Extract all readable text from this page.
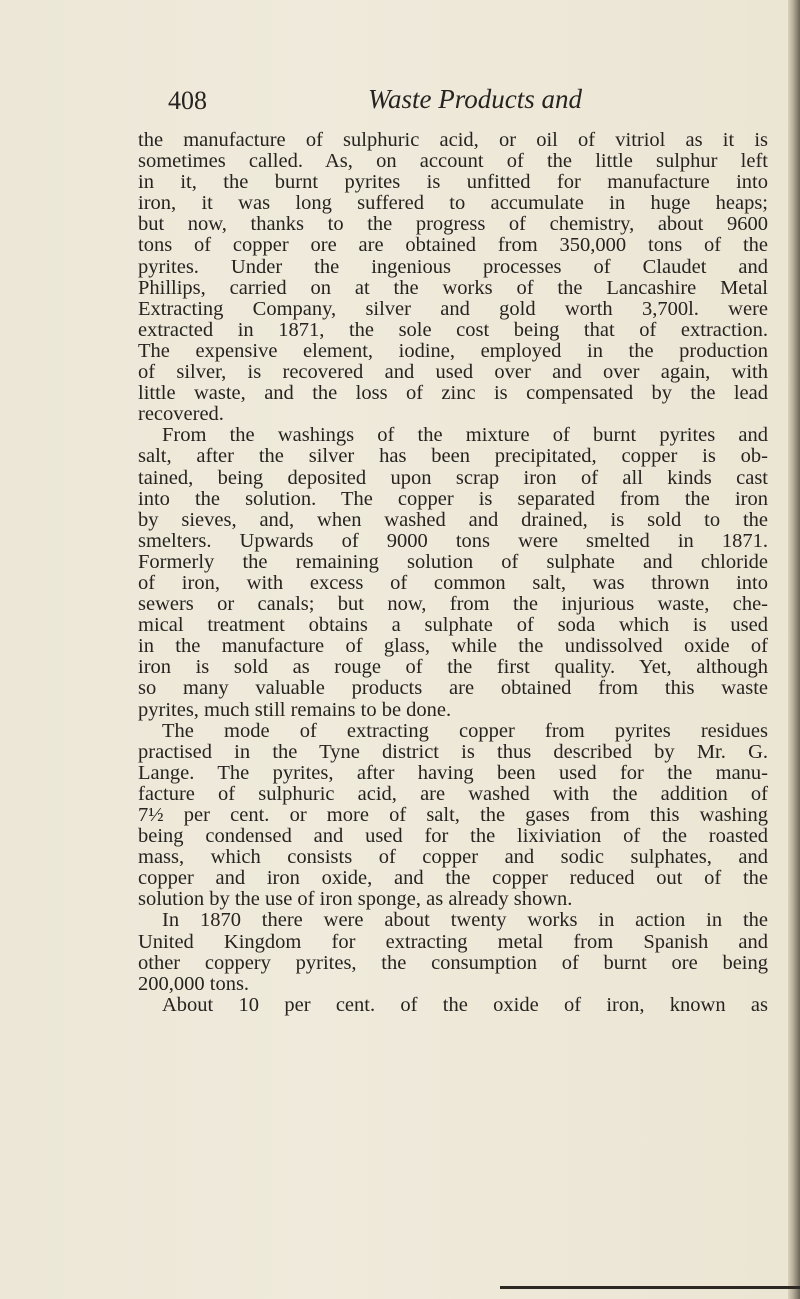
408	Waste Products and
the manufacture of sulphuric acid, or oil of vitriol as it is
sometimes called. As, on account of the little sulphur left
in it, the burnt pyrites is unfitted for manufacture into
iron, it was long suffered to accumulate in huge heaps;
but now, thanks to the progress of chemistry, about 9600
tons of copper ore are obtained from 350,000 tons of the
pyrites. Under the ingenious processes of Claudet and
Phillips, carried on at the works of the Lancashire Metal
Extracting Company, silver and gold worth 3,700l. were
extracted in 1871, the sole cost being that of extraction.
The expensive element, iodine, employed in the production
of silver, is recovered and used over and over again, with
little waste, and the loss of zinc is compensated by the lead
recovered.
From the washings of the mixture of burnt pyrites and
salt, after the silver has been precipitated, copper is ob-
tained, being deposited upon scrap iron of all kinds cast
into the solution. The copper is separated from the iron
by sieves, and, when washed and drained, is sold to the
smelters. Upwards of 9000 tons were smelted in 1871.
Formerly the remaining solution of sulphate and chloride
of iron, with excess of common salt, was thrown into
sewers or canals; but now, from the injurious waste, che-
mical treatment obtains a sulphate of soda which is used
in the manufacture of glass, while the undissolved oxide of
iron is sold as rouge of the first quality. Yet, although
so many valuable products are obtained from this waste
pyrites, much still remains to be done.
The mode of extracting copper from pyrites residues
practised in the Tyne district is thus described by Mr. G.
Lange. The pyrites, after having been used for the manu-
facture of sulphuric acid, are washed with the addition of
7½ per cent. or more of salt, the gases from this washing
being condensed and used for the lixiviation of the roasted
mass, which consists of copper and sodic sulphates, and
copper and iron oxide, and the copper reduced out of the
solution by the use of iron sponge, as already shown.
In 1870 there were about twenty works in action in the
United Kingdom for extracting metal from Spanish and
other coppery pyrites, the consumption of burnt ore being
200,000 tons.
About 10 per cent. of the oxide of iron, known as
